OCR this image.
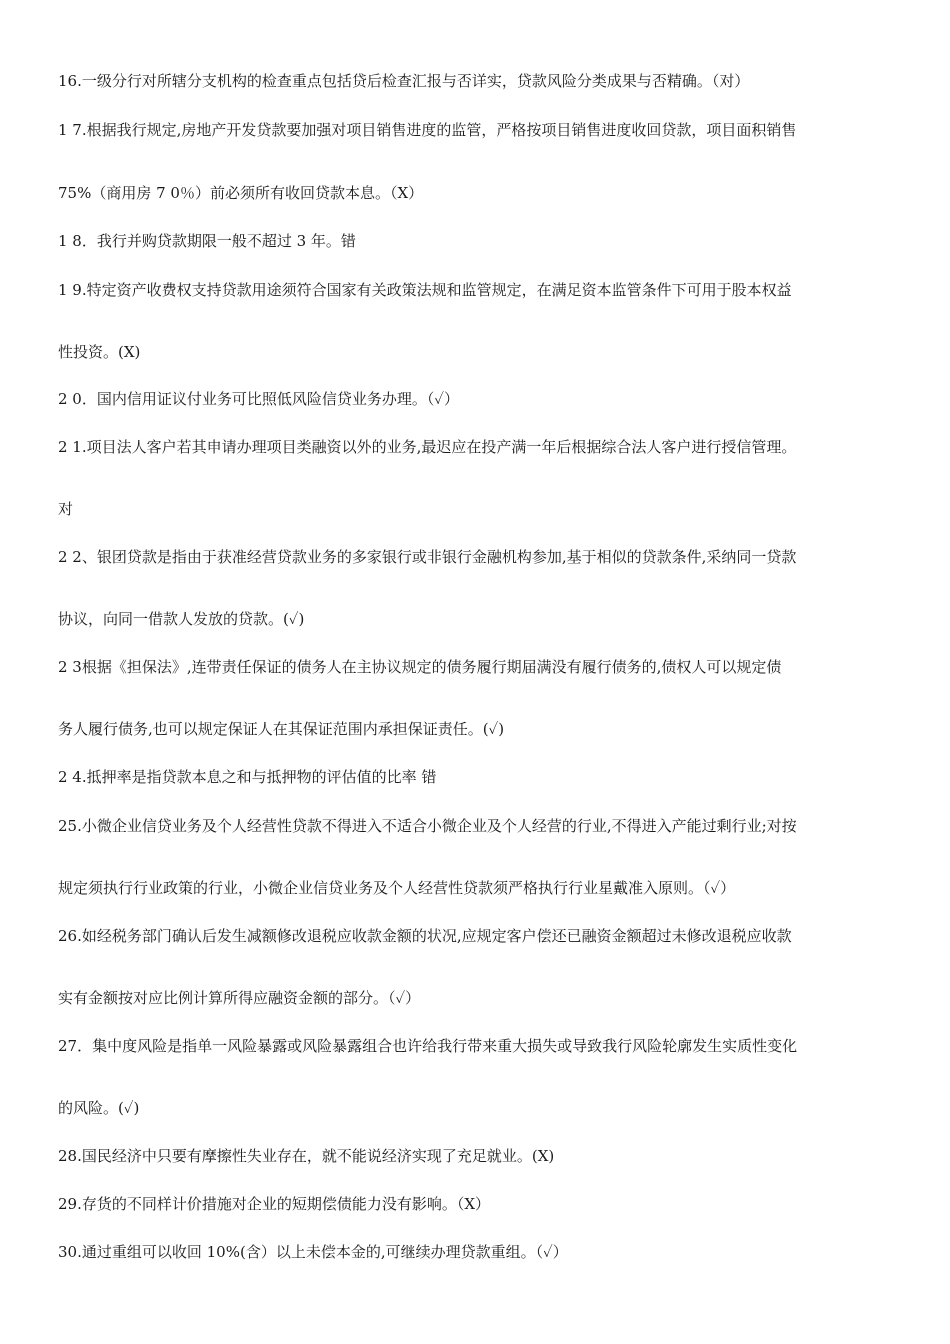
16.一级分行对所辖分支机构的检查重点包括贷后检查汇报与否详实，贷款风险分类成果与否精确。（对）
1 7.根据我行规定,房地产开发贷款要加强对项目销售进度的监管，严格按项目销售进度收回贷款，项目面积销售
75%（商用房 7 0％）前必须所有收回贷款本息。（X）
1 8．我行并购贷款期限一般不超过 3 年。错
1 9.特定资产收费权支持贷款用途须符合国家有关政策法规和监管规定，在满足资本监管条件下可用于股本权益
性投资。(X)
2 0．国内信用证议付业务可比照低风险信贷业务办理。（✓）
2 1.项目法人客户若其申请办理项目类融资以外的业务,最迟应在投产满一年后根据综合法人客户进行授信管理。
对
2 2、银团贷款是指由于获准经营贷款业务的多家银行或非银行金融机构参加,基于相似的贷款条件,采纳同一贷款
协议，向同一借款人发放的贷款。(✓)
2 3根据《担保法》,连带责任保证的债务人在主协议规定的债务履行期届满没有履行债务的,债权人可以规定债
务人履行债务,也可以规定保证人在其保证范围内承担保证责任。(✓)
2 4.抵押率是指贷款本息之和与抵押物的评估值的比率 错
25.小微企业信贷业务及个人经营性贷款不得进入不适合小微企业及个人经营的行业,不得进入产能过剩行业;对按
规定须执行行业政策的行业，小微企业信贷业务及个人经营性贷款须严格执行行业星戴准入原则。（✓）
26.如经税务部门确认后发生减额修改退税应收款金额的状况,应规定客户偿还已融资金额超过未修改退税应收款
实有金额按对应比例计算所得应融资金额的部分。（✓）
27．集中度风险是指单一风险暴露或风险暴露组合也许给我行带来重大损失或导致我行风险轮廓发生实质性变化
的风险。(✓)
28.国民经济中只要有摩擦性失业存在，就不能说经济实现了充足就业。(X)
29.存货的不同样计价措施对企业的短期偿债能力没有影响。（X）
30.通过重组可以收回 10%(含）以上未偿本金的,可继续办理贷款重组。（✓）
